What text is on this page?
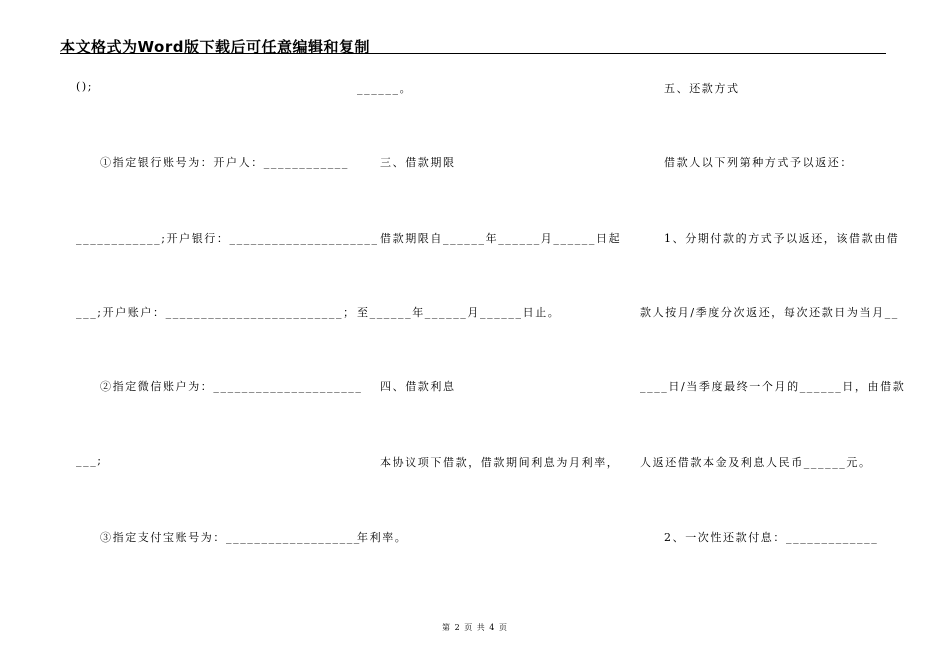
本文格式为Word版下载后可任意编辑和复制
();
①指定银行账号为：开户人：____________
____________;开户银行：_____________________
___;开户账户：_________________________；
②指定微信账户为：_____________________
___;
③指定支付宝账号为：___________________
______。
三、借款期限
借款期限自______年______月______日起
至______年______月______日止。
四、借款利息
本协议项下借款，借款期间利息为月利率，
年利率。
五、还款方式
借款人以下列第种方式予以返还：
1、分期付款的方式予以返还，该借款由借
款人按月/季度分次返还，每次还款日为当月__
____日/当季度最终一个月的______日，由借款
人返还借款本金及利息人民币______元。
2、一次性还款付息：_____________
第 2 页 共 4 页
